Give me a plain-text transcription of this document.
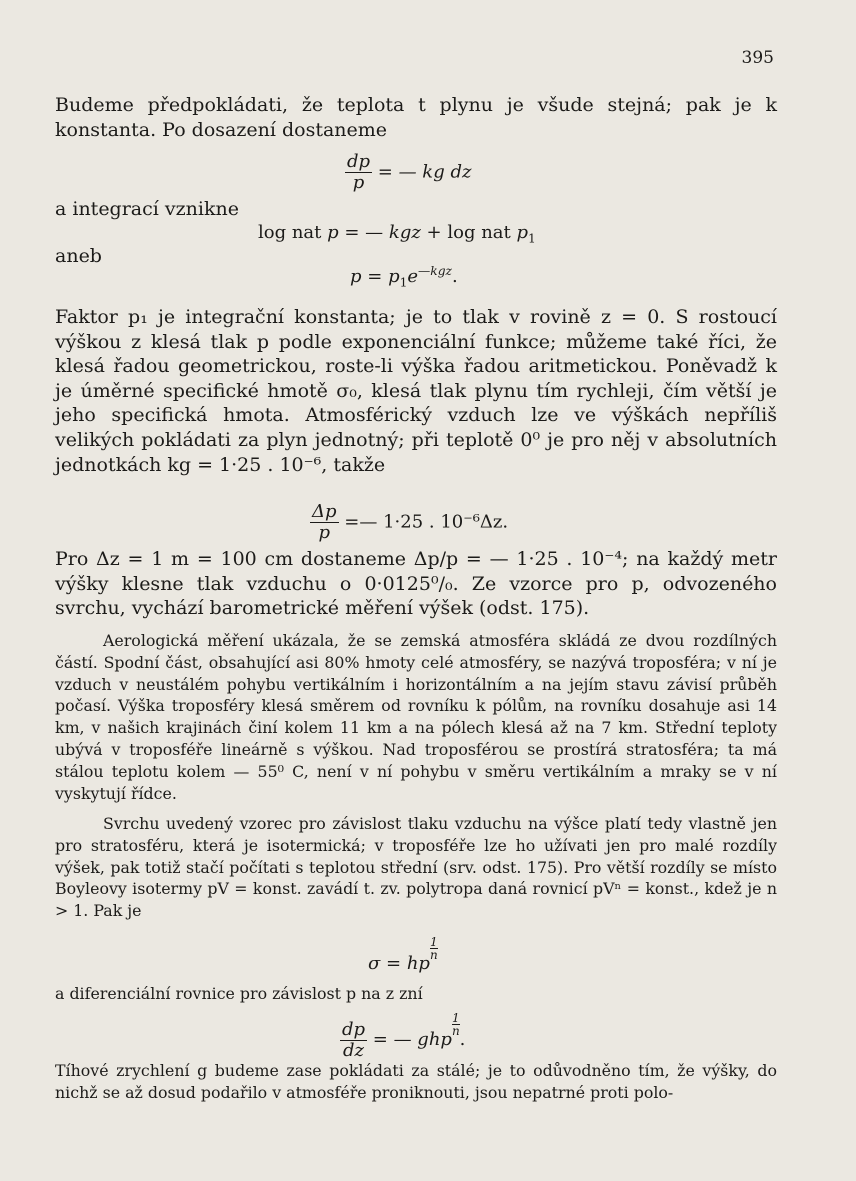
395

Budeme předpokládati, že teplota t plynu je všude stejná; pak je k konstanta. Po dosazení dostaneme

$\frac{dp}{p}$ = — kg dz

a integrací vznikne

log nat p = — kgz + log nat $p_1$

aneb

$p = p_1e^{—kgz}$.

Faktor p₁ je integrační konstanta; je to tlak v rovině z = 0. S rostoucí výškou z klesá tlak p podle exponenciální funkce; můžeme také říci, že klesá řadou geometrickou, roste-li výška řadou aritmetickou. Poněvadž k je úměrné specifické hmotě σ₀, klesá tlak plynu tím rychleji, čím větší je jeho specifická hmota. Atmosférický vzduch lze ve výškách nepříliš velikých pokládati za plyn jednotný; při teplotě 0⁰ je pro něj v absolutních jednotkách kg = 1·25 . 10⁻⁶, takže

$\frac{\Delta p}{p}$ =— 1·25 . 10⁻⁶Δz.

Pro Δz = 1 m = 100 cm dostaneme Δp/p = — 1·25 . 10⁻⁴; na každý metr výšky klesne tlak vzduchu o 0·0125⁰/₀. Ze vzorce pro p, odvozeného svrchu, vychází barometrické měření výšek (odst. 175).

Aerologická měření ukázala, že se zemská atmosféra skládá ze dvou rozdílných částí. Spodní část, obsahující asi 80% hmoty celé atmosféry, se nazývá troposféra; v ní je vzduch v neustálém pohybu vertikálním i horizontálním a na jejím stavu závisí průběh počasí. Výška troposféry klesá směrem od rovníku k pólům, na rovníku dosahuje asi 14 km, v našich krajinách činí kolem 11 km a na pólech klesá až na 7 km. Střední teploty ubývá v troposféře lineárně s výškou. Nad troposférou se prostírá stratosféra; ta má stálou teplotu kolem — 55⁰ C, není v ní pohybu v směru vertikálním a mraky se v ní vyskytují řídce.

Svrchu uvedený vzorec pro závislost tlaku vzduchu na výšce platí tedy vlastně jen pro stratosféru, která je isotermická; v troposféře lze ho užívati jen pro malé rozdíly výšek, pak totiž stačí počítati s teplotou střední (srv. odst. 175). Pro větší rozdíly se místo Boyleovy isotermy pV = konst. zavádí t. zv. polytropa daná rovnicí pVⁿ = konst., kdež je n > 1. Pak je

σ = hp
$\frac{1}{n}$

a diferenciální rovnice pro závislost p na z zní

$\frac{dp}{dz}$ = — ghp
$\frac{1}{n}$
.

Tíhové zrychlení g budeme zase pokládati za stálé; je to odůvodněno tím, že výšky, do nichž se až dosud podařilo v atmosféře proniknouti, jsou nepatrné proti polo-
